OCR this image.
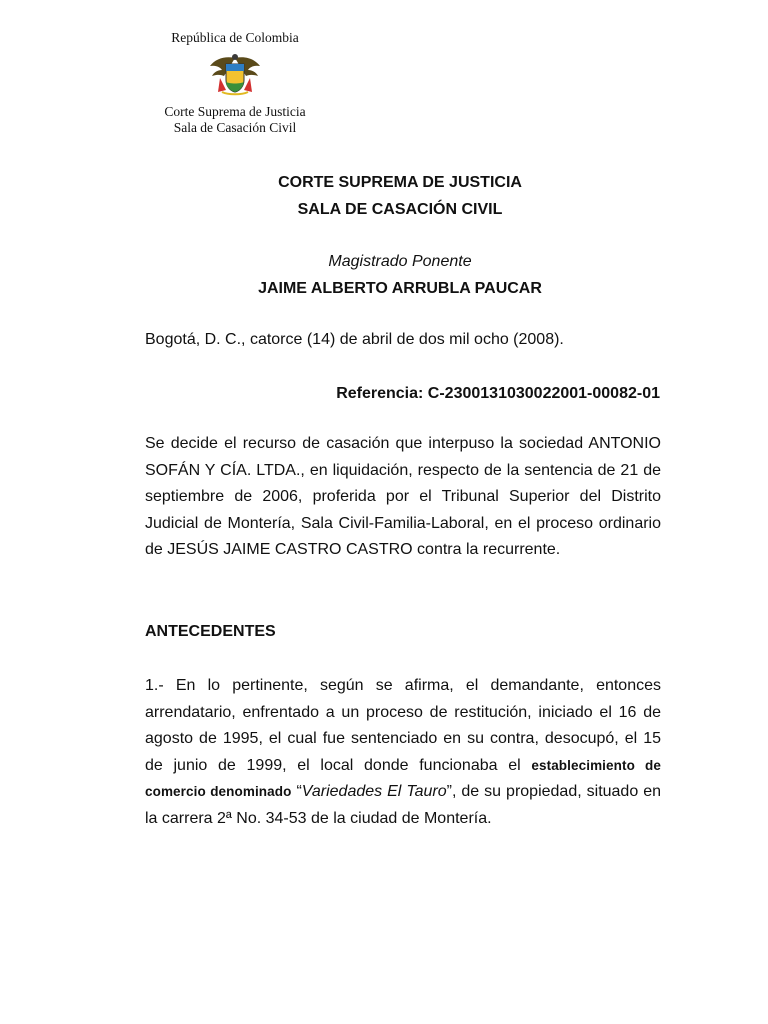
República de Colombia
Corte Suprema de Justicia
Sala de Casación Civil
CORTE SUPREMA DE JUSTICIA
SALA DE CASACIÓN CIVIL
Magistrado Ponente
JAIME ALBERTO ARRUBLA PAUCAR
Bogotá, D. C., catorce (14) de abril de dos mil ocho (2008).
Referencia: C-2300131030022001-00082-01

Se decide el recurso de casación que interpuso la sociedad ANTONIO SOFÁN Y CÍA. LTDA., en liquidación, respecto de la sentencia de 21 de septiembre de 2006, proferida por el Tribunal Superior del Distrito Judicial de Montería, Sala Civil-Familia-Laboral, en el proceso ordinario de JESÚS JAIME CASTRO CASTRO contra la recurrente.

ANTECEDENTES

1.- En lo pertinente, según se afirma, el demandante, entonces arrendatario, enfrentado a un proceso de restitución, iniciado el 16 de agosto de 1995, el cual fue sentenciado en su contra, desocupó, el 15 de junio de 1999, el local donde funcionaba el establecimiento de comercio denominado “Variedades El Tauro”, de su propiedad, situado en la carrera 2ª No. 34-53 de la ciudad de Montería.
